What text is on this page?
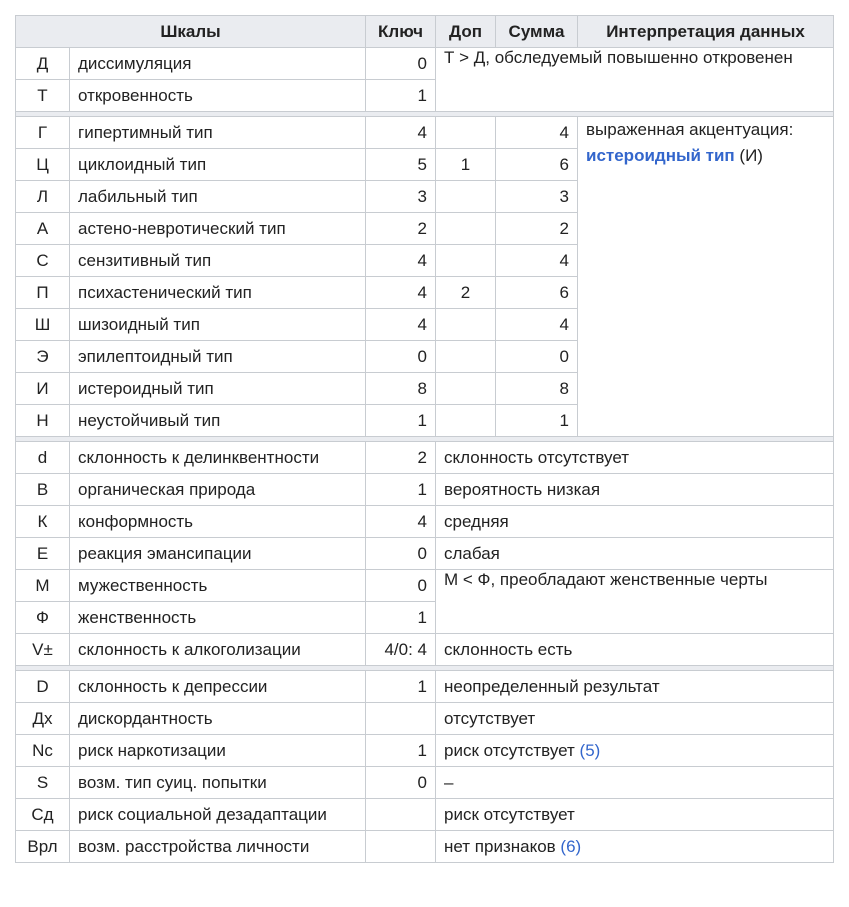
Шкалы		Ключ	Доп	Сумма	Интерпретация данных
Д	диссимуляция	0	Т > Д, обследуемый повышенно откровенен		
Т	откровенность	1			

Г	гипертимный тип	4		4	выраженная акцентуация:
истероидный тип (И)
Ц	циклоидный тип	5	1	6	
Л	лабильный тип	3		3	
А	астено-невротический тип	2		2	
С	сензитивный тип	4		4	
П	психастенический тип	4	2	6	
Ш	шизоидный тип	4		4	
Э	эпилептоидный тип	0		0	
И	истероидный тип	8		8	
Н	неустойчивый тип	1		1	

d	склонность к делинквентности	2	склонность отсутствует		
В	органическая природа	1	вероятность низкая		
К	конформность	4	средняя		
Е	реакция эмансипации	0	слабая		
М	мужественность	0	М < Ф, преобладают женственные черты		
Ф	женственность	1			
V±	склонность к алкоголизации	4/0: 4	склонность есть		

D	склонность к депрессии	1	неопределенный результат		
Дх	дискордантность		отсутствует		
Nc	риск наркотизации	1	риск отсутствует (5)		
S	возм. тип суиц. попытки	0	–		
Сд	риск социальной дезадаптации		риск отсутствует		
Врл	возм. расстройства личности		нет признаков (6)		
